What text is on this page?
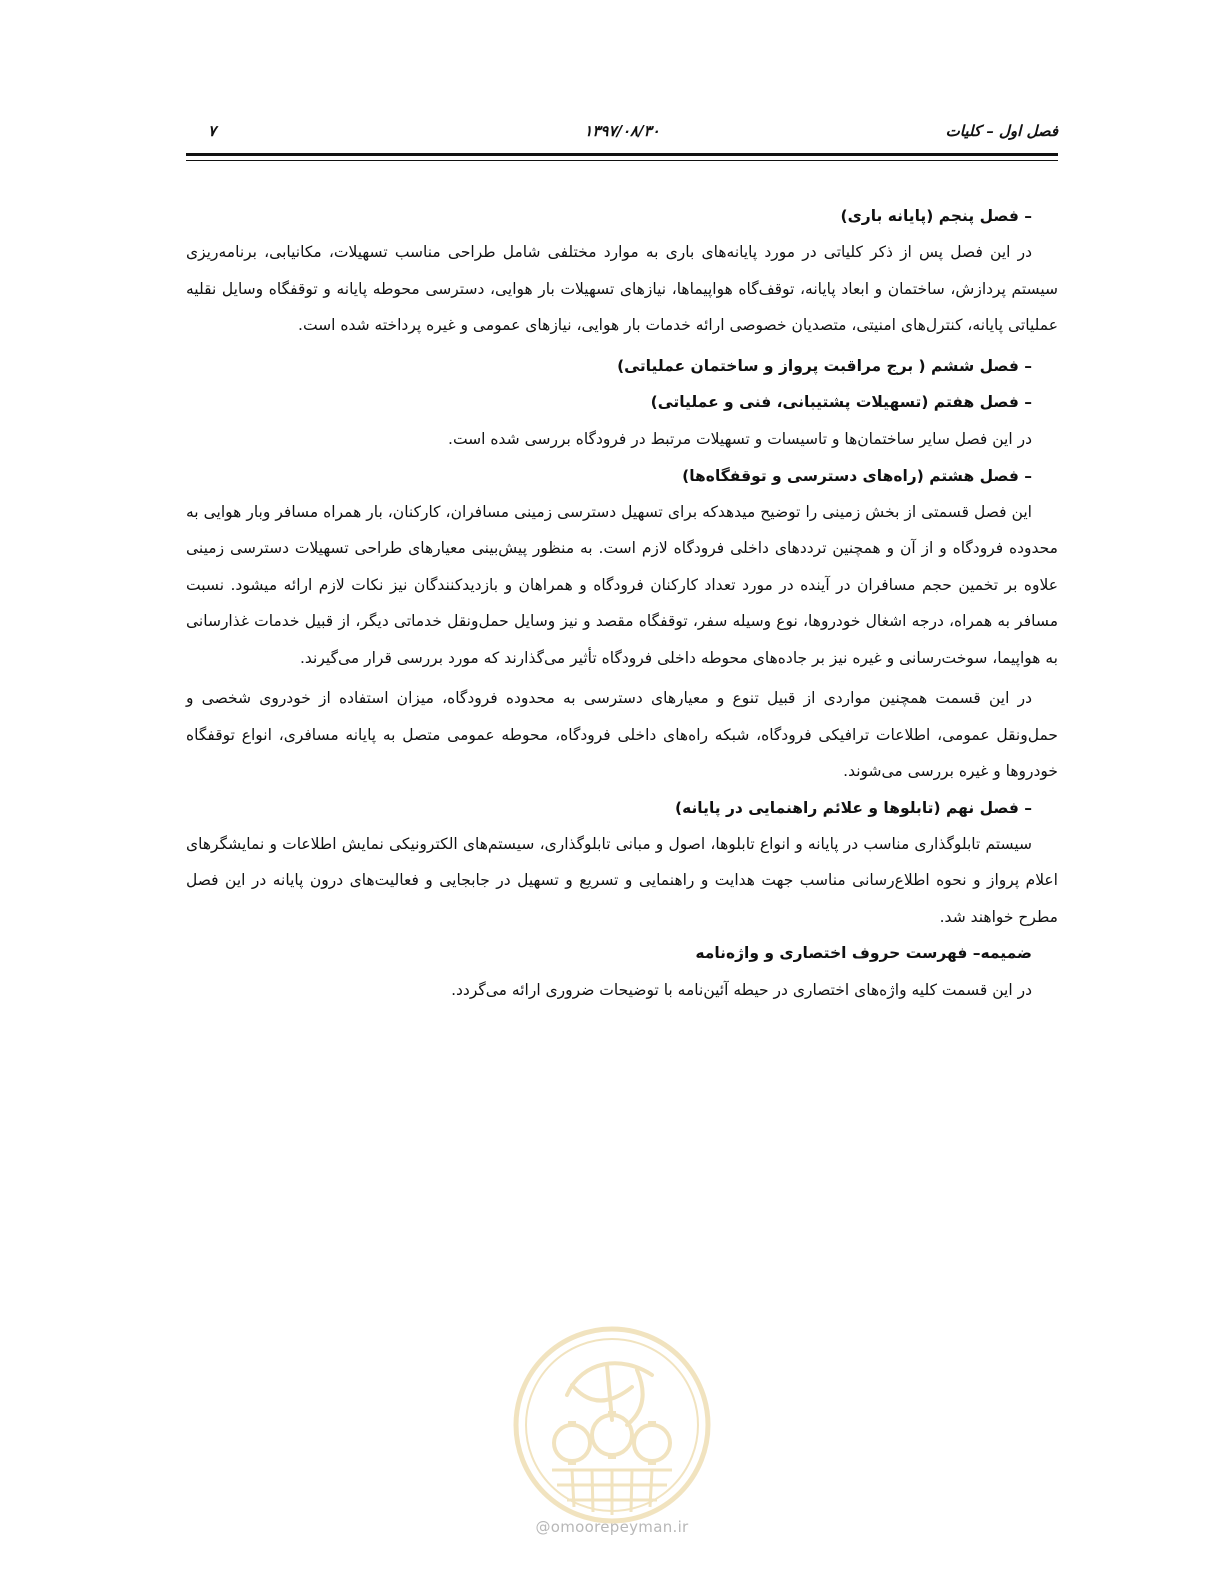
فصل اول – کلیات
۱۳۹۷/۰۸/۳۰
۷
– فصل پنجم (پایانه باری)

در این فصل پس از ذکر کلیاتی در مورد پایانه‌های باری به موارد مختلفی شامل طراحی مناسب تسهیلات، مکانیابی، برنامه‌ریزی سیستم پردازش، ساختمان و ابعاد پایانه، توقف‌گاه هواپیماها، نیازهای تسهیلات بار هوایی، دسترسی محوطه پایانه و توقفگاه وسایل نقلیه عملیاتی پایانه، کنترل‌های امنیتی، متصدیان خصوصی ارائه خدمات بار هوایی، نیازهای عمومی و غیره پرداخته شده است.

– فصل ششم ( برج مراقبت پرواز و ساختمان عملیاتی)
– فصل هفتم (تسهیلات پشتیبانی، فنی و عملیاتی)
در این فصل سایر ساختمان‌ها و تاسیسات و تسهیلات مرتبط در فرودگاه بررسی شده است.
– فصل هشتم (راه‌های دسترسی و توقفگاه‌ها)

این فصل قسمتی از بخش زمینی را توضیح میدهدکه برای تسهیل دسترسی زمینی مسافران، کارکنان، بار همراه مسافر وبار هوایی به محدوده فرودگاه و از آن و همچنین ترددهای داخلی فرودگاه لازم است. به منظور پیش‌بینی معیارهای طراحی تسهیلات دسترسی زمینی علاوه بر تخمین حجم مسافران در آینده در مورد تعداد کارکنان فرودگاه و همراهان و بازدیدکنندگان نیز نکات لازم ارائه میشود. نسبت مسافر به همراه، درجه اشغال خودروها، نوع وسیله سفر، توقفگاه مقصد و نیز وسایل حمل‌ونقل خدماتی دیگر، از قبیل خدمات غذارسانی به هواپیما، سوخت‌رسانی و غیره نیز بر جاده‌های محوطه داخلی فرودگاه تأثیر می‌گذارند که مورد بررسی قرار می‌گیرند.

در این قسمت همچنین مواردی از قبیل تنوع و معیارهای دسترسی به محدوده فرودگاه، میزان استفاده از خودروی شخصی و حمل‌ونقل عمومی، اطلاعات ترافیکی فرودگاه، شبکه راه‌های داخلی فرودگاه، محوطه عمومی متصل به پایانه مسافری، انواع توقفگاه خودروها و غیره بررسی می‌شوند.

– فصل نهم (تابلوها و علائم راهنمایی در پایانه)

سیستم تابلوگذاری مناسب در پایانه و انواع تابلوها، اصول و مبانی تابلوگذاری، سیستم‌های الکترونیکی نمایش اطلاعات و نمایشگرهای اعلام پرواز و نحوه اطلاع‌رسانی مناسب جهت هدایت و راهنمایی و تسریع و تسهیل در جابجایی و فعالیت‌های درون پایانه در این فصل مطرح خواهند شد.

ضمیمه– فهرست حروف اختصاری و واژه‌نامه
در این قسمت کلیه واژه‌های اختصاری در حیطه آئین‌نامه با توضیحات ضروری ارائه می‌گردد.
@omoorepeyman.ir
